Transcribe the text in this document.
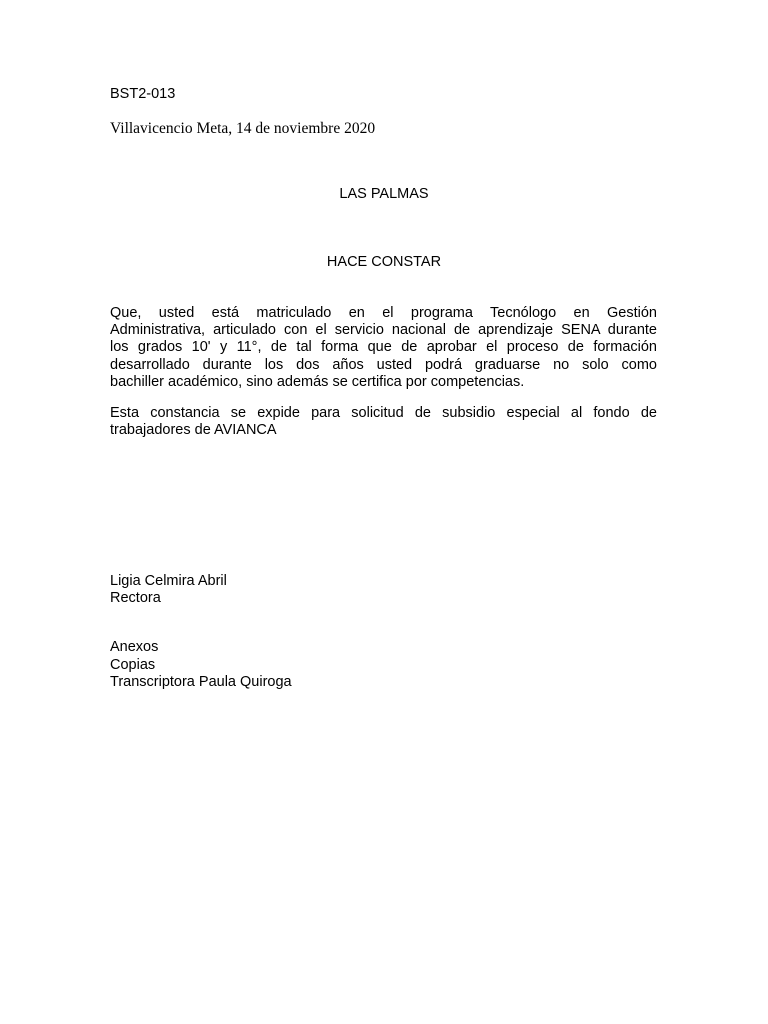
BST2-013
Villavicencio Meta, 14 de noviembre 2020
LAS PALMAS
HACE CONSTAR
Que, usted está matriculado en el programa Tecnólogo en Gestión
Administrativa, articulado con el servicio nacional de aprendizaje SENA durante
los grados 10' y 11°, de tal forma que de aprobar el proceso de formación
desarrollado durante los dos años usted podrá graduarse no solo como
bachiller académico, sino además se certifica por competencias.
Esta constancia se expide para solicitud de subsidio especial al fondo de
trabajadores de AVIANCA
Ligia Celmira Abril
Rectora
Anexos
Copias
Transcriptora Paula Quiroga
